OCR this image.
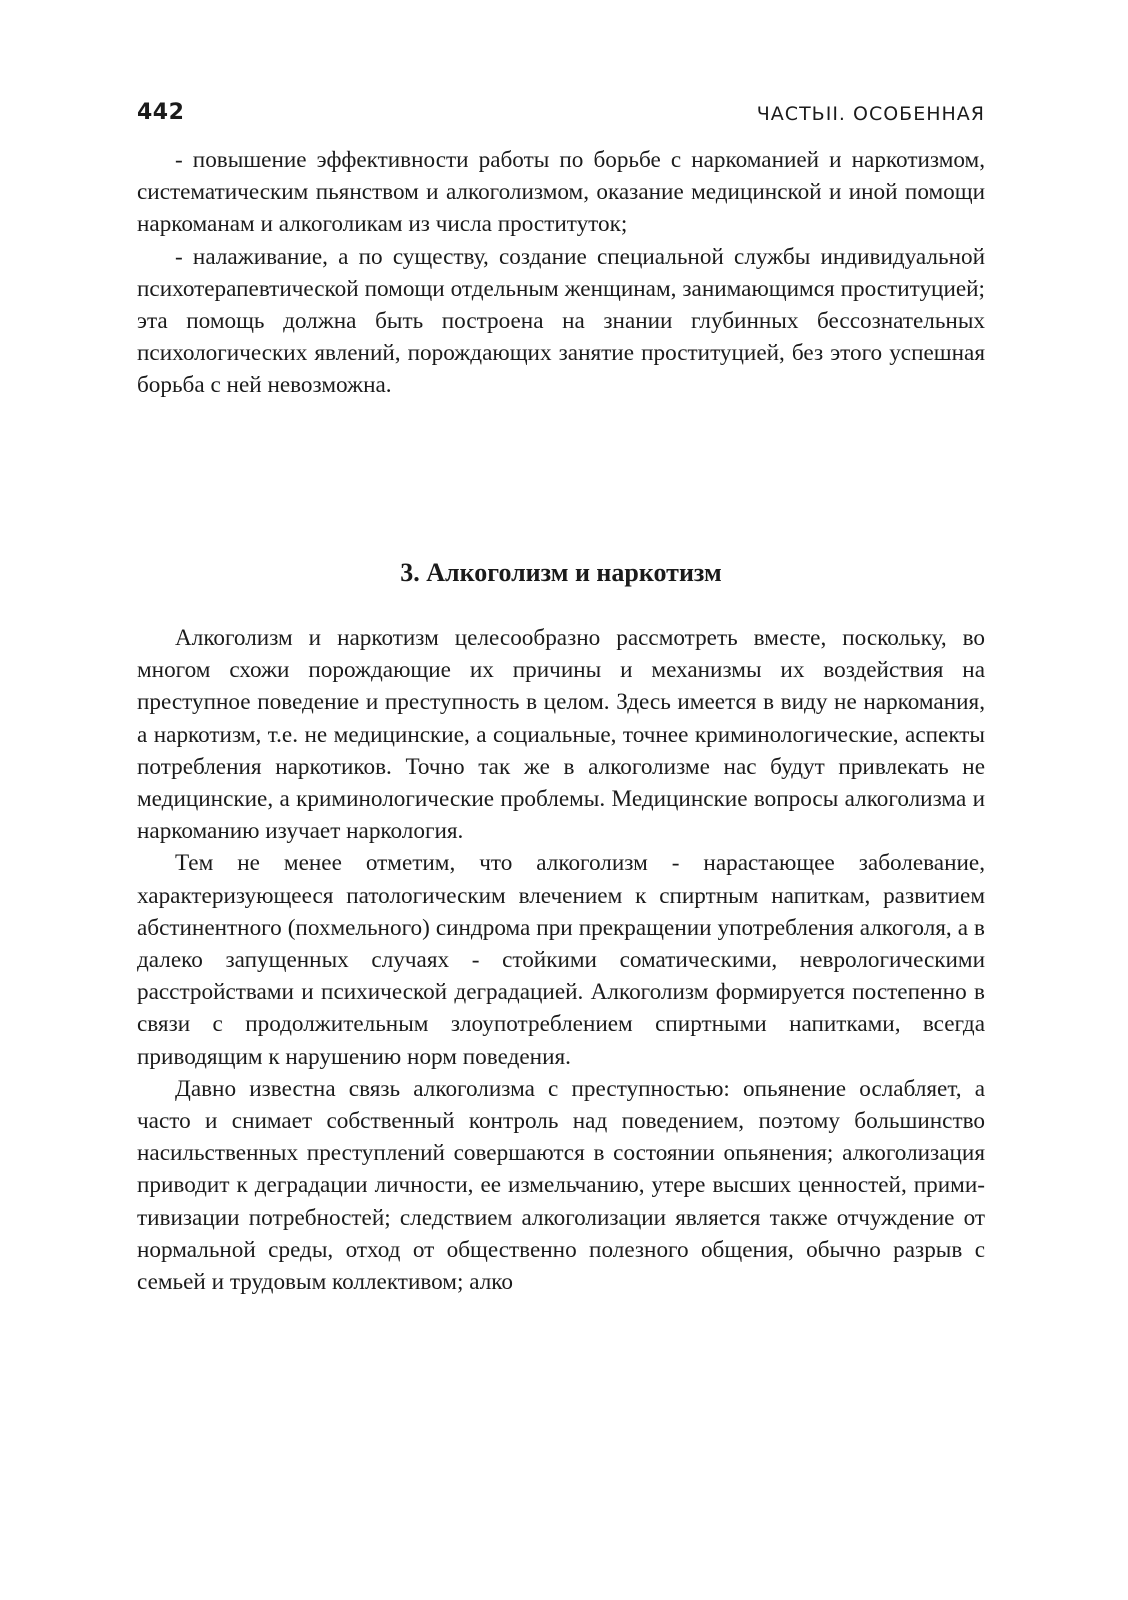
442	ЧАСТЬII. ОСОБЕННАЯ

- повышение эффективности работы по борьбе с наркоманией и наркотизмом, систематическим пьянством и алкоголизмом, оказание медицинской и иной помощи наркоманам и алкоголикам из числа проституток;

- налаживание, а по существу, создание специальной службы индивидуальной психотерапевтической помощи отдельным женщинам, занимающимся проституцией; эта помощь должна быть построена на знании глубинных бессознательных психологических явлений, порождающих занятие проституцией, без этого успешная борьба с ней невозможна.

3. Алкоголизм и наркотизм

Алкоголизм и наркотизм целесообразно рассмотреть вместе, поскольку, во многом схожи порождающие их причины и механизмы их воздействия на преступное поведение и преступность в целом. Здесь имеется в виду не наркомания, а наркотизм, т.е. не медицинские, а социальные, точнее криминологические, аспекты потребления наркотиков. Точно так же в алкоголизме нас будут привлекать не медицинские, а криминологические проблемы. Медицинские вопросы алкоголизма и наркоманию изучает наркология.

Тем не менее отметим, что алкоголизм - нарастающее заболевание, характеризующееся патологическим влечением к спиртным напиткам, развитием абстинентного (похмельного) синдрома при прекращении употребления алкоголя, а в далеко запущенных случаях - стойкими соматическими, неврологическими расстройствами и психической деградацией. Алкоголизм формируется постепенно в связи с продолжительным злоупотреблением спиртными напитками, всегда приводящим к нарушению норм поведения.

Давно известна связь алкоголизма с преступностью: опьянение ослабляет, а часто и снимает собственный контроль над поведением, поэтому большинство насильственных преступлений совершаются в состоянии опьянения; алкоголизация приводит к деградации личности, ее измельчанию, утере высших ценностей, примитивизации потребностей; следствием алкоголизации является также отчуждение от нормальной среды, отход от общественно полезного общения, обычно разрыв с семьей и трудовым коллективом; алко
